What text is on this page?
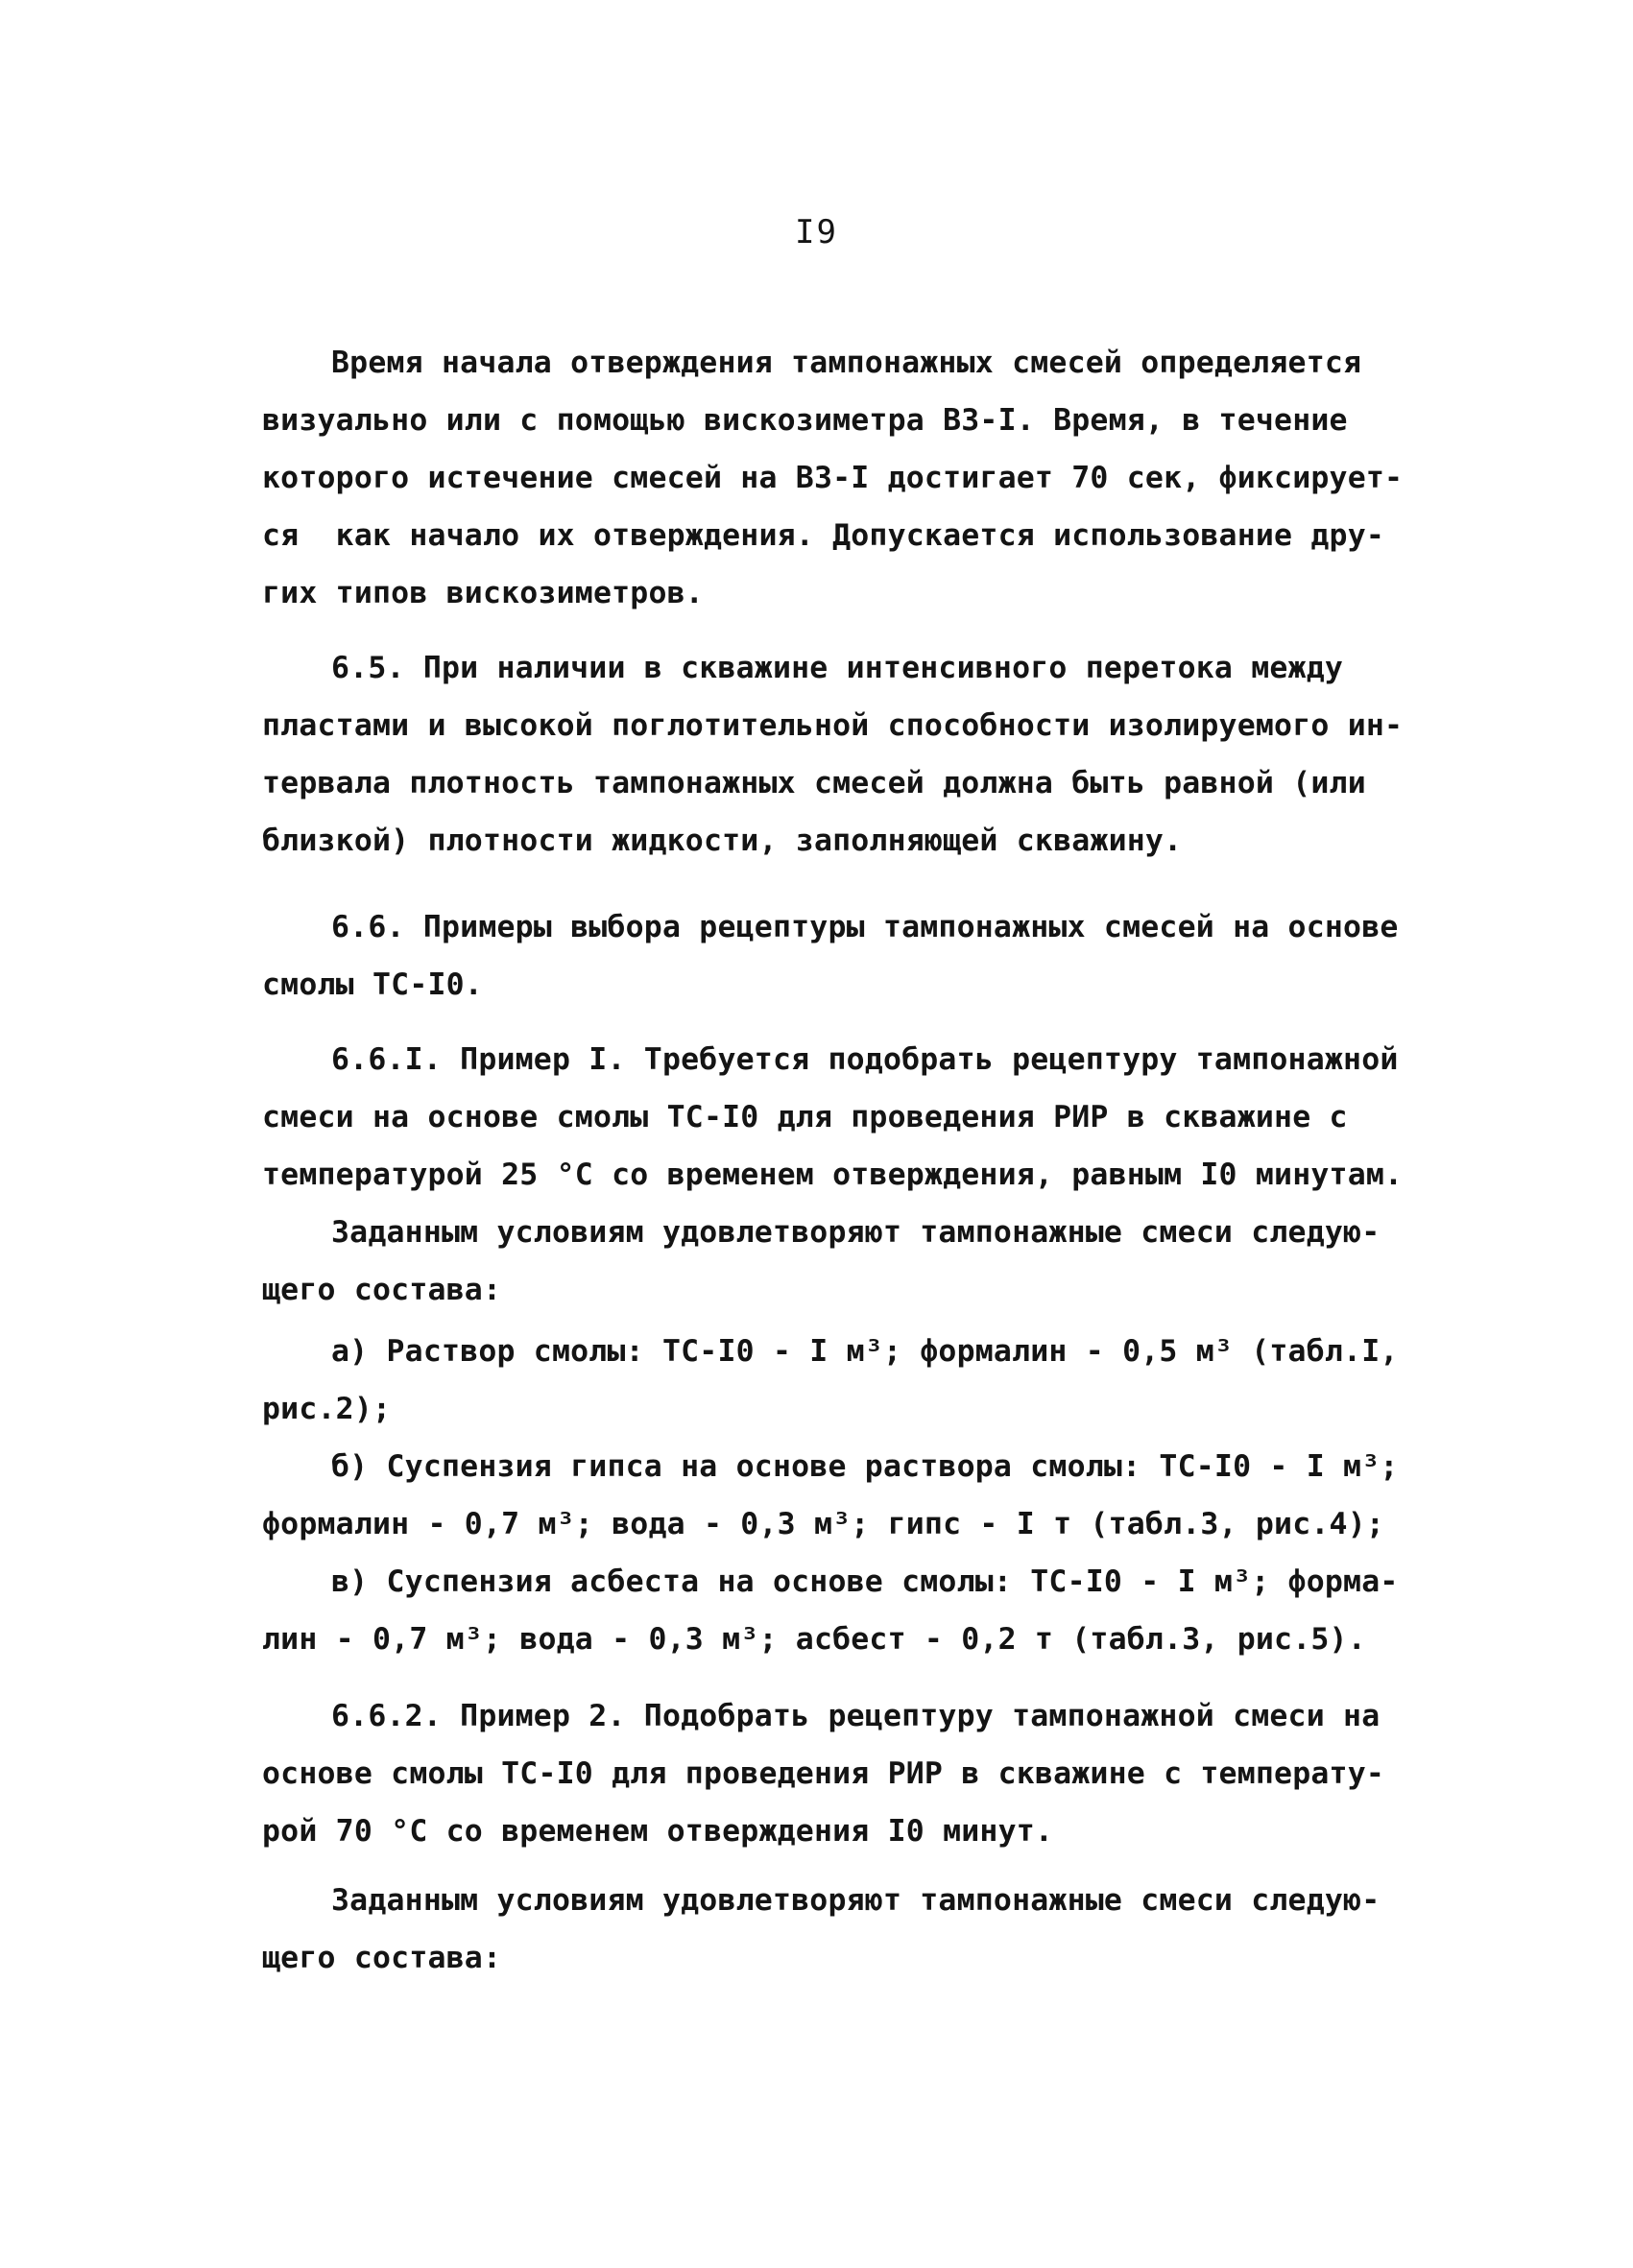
I9
Время начала отверждения тампонажных смесей определяется
визуально или с помощью вискозиметра ВЗ-I. Время, в течение
которого истечение смесей на ВЗ-I достигает 70 сек, фиксирует-
ся  как начало их отверждения. Допускается использование дру-
гих типов вискозиметров.
6.5. При наличии в скважине интенсивного перетока между
пластами и высокой поглотительной способности изолируемого ин-
тервала плотность тампонажных смесей должна быть равной (или
близкой) плотности жидкости, заполняющей скважину.
6.6. Примеры выбора рецептуры тампонажных смесей на основе
смолы ТС-I0.
6.6.I. Пример I. Требуется подобрать рецептуру тампонажной
смеси на основе смолы ТС-I0 для проведения РИР в скважине с
температурой 25 °С со временем отверждения, равным I0 минутам.
Заданным условиям удовлетворяют тампонажные смеси следую-
щего состава:
а) Раствор смолы: ТС-I0 - I м³; формалин - 0,5 м³ (табл.I,
рис.2);
б) Суспензия гипса на основе раствора смолы: ТС-I0 - I м³;
формалин - 0,7 м³; вода - 0,3 м³; гипс - I т (табл.3, рис.4);
в) Суспензия асбеста на основе смолы: ТС-I0 - I м³; форма-
лин - 0,7 м³; вода - 0,3 м³; асбест - 0,2 т (табл.3, рис.5).
6.6.2. Пример 2. Подобрать рецептуру тампонажной смеси на
основе смолы ТС-I0 для проведения РИР в скважине с температу-
рой 70 °С со временем отверждения I0 минут.
Заданным условиям удовлетворяют тампонажные смеси следую-
щего состава:
